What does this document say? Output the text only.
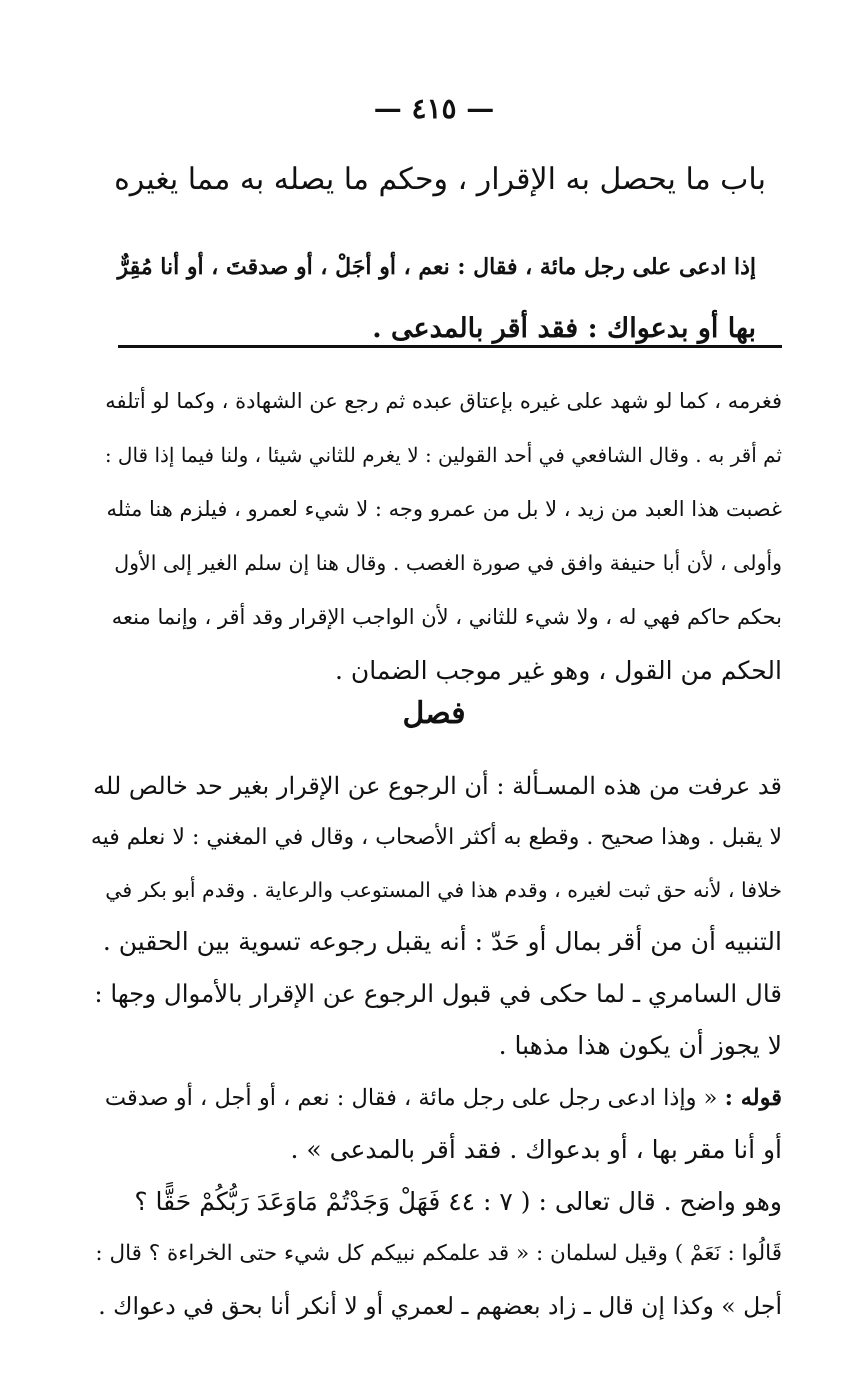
— ٤١٥ —
باب ما يحصل به الإقرار ، وحكم ما يصله به مما يغيره
إذا ادعى على رجل مائة ، فقال : نعم ، أو أجَلْ ، أو صدقتَ ، أو أنا مُقِرٌّ
بها أو بدعواك : فقد أقر بالمدعى .
فغرمه ، كما لو شهد على غيره بإعتاق عبده ثم رجع عن الشهادة ، وكما لو أتلفه
ثم أقر به . وقال الشافعي في أحد القولين : لا يغرم للثاني شيئا ، ولنا فيما إذا قال :
غصبت هذا العبد من زيد ، لا بل من عمرو وجه : لا شيء لعمرو ، فيلزم هنا مثله
وأولى ، لأن أبا حنيفة وافق في صورة الغصب . وقال هنا إن سلم الغير إلى الأول
بحكم حاكم فهي له ، ولا شيء للثاني ، لأن الواجب الإقرار وقد أقر ، وإنما منعه
الحكم من القول ، وهو غير موجب الضمان .
فصل
قد عرفت من هذه المسـألة : أن الرجوع عن الإقرار بغير حد خالص لله
لا يقبل . وهذا صحيح . وقطع به أكثر الأصحاب ، وقال في المغني : لا نعلم فيه
خلافا ، لأنه حق ثبت لغيره ، وقدم هذا في المستوعب والرعاية . وقدم أبو بكر في
التنبيه أن من أقر بمال أو حَدّ : أنه يقبل رجوعه تسوية بين الحقين .
قال السامري ـ لما حكى في قبول الرجوع عن الإقرار بالأموال وجها :
لا يجوز أن يكون هذا مذهبا .
قوله : « وإذا ادعى رجل على رجل مائة ، فقال : نعم ، أو أجل ، أو صدقت
أو أنا مقر بها ، أو بدعواك . فقد أقر بالمدعى » .
وهو واضح . قال تعالى : ( ٧ : ٤٤ فَهَلْ وَجَدْتُمْ مَاوَعَدَ رَبُّكُمْ حَقًّا ؟
قَالُوا : نَعَمْ ) وقيل لسلمان : « قد علمكم نبيكم كل شيء حتى الخراءة ؟ قال :
أجل » وكذا إن قال ـ زاد بعضهم ـ لعمري أو لا أنكر أنا بحق في دعواك .
